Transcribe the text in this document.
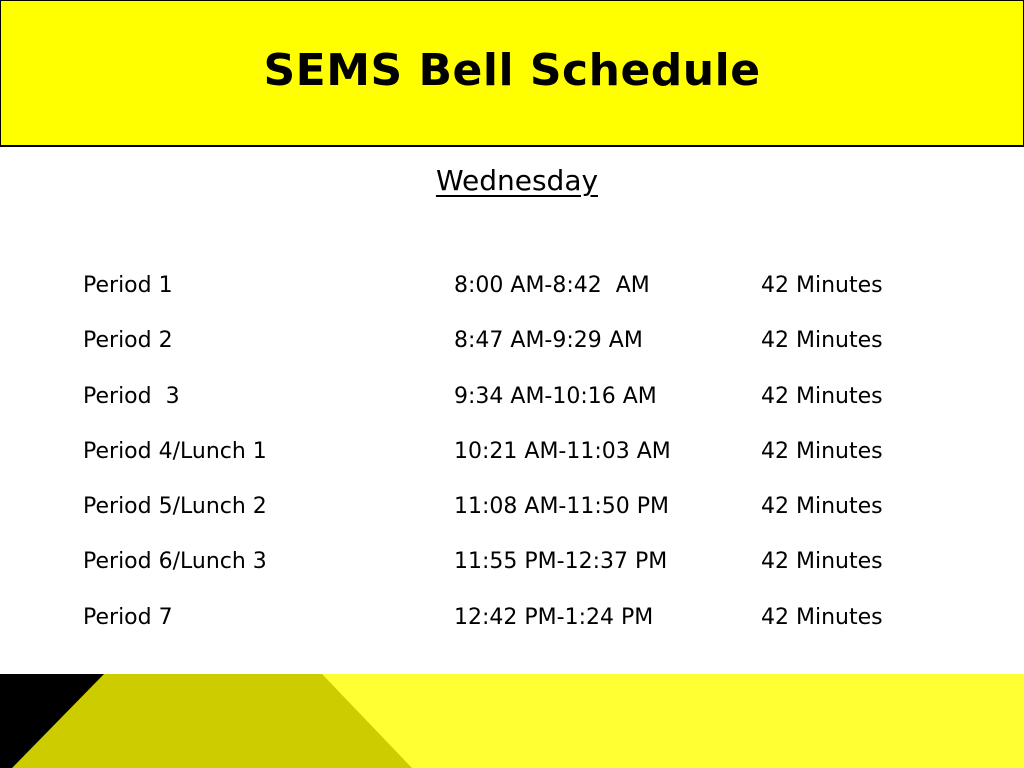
SEMS Bell Schedule
Wednesday

Period 1

	8:00 AM-8:42  AM

	42 Minutes

Period 2

	8:47 AM-9:29 AM

	42 Minutes

Period  3

	9:34 AM-10:16 AM

	42 Minutes

Period 4/Lunch 1

	10:21 AM-11:03 AM

	42 Minutes

Period 5/Lunch 2

	11:08 AM-11:50 PM

	42 Minutes

Period 6/Lunch 3

	11:55 PM-12:37 PM

	42 Minutes

Period 7

	12:42 PM-1:24 PM

	42 Minutes
